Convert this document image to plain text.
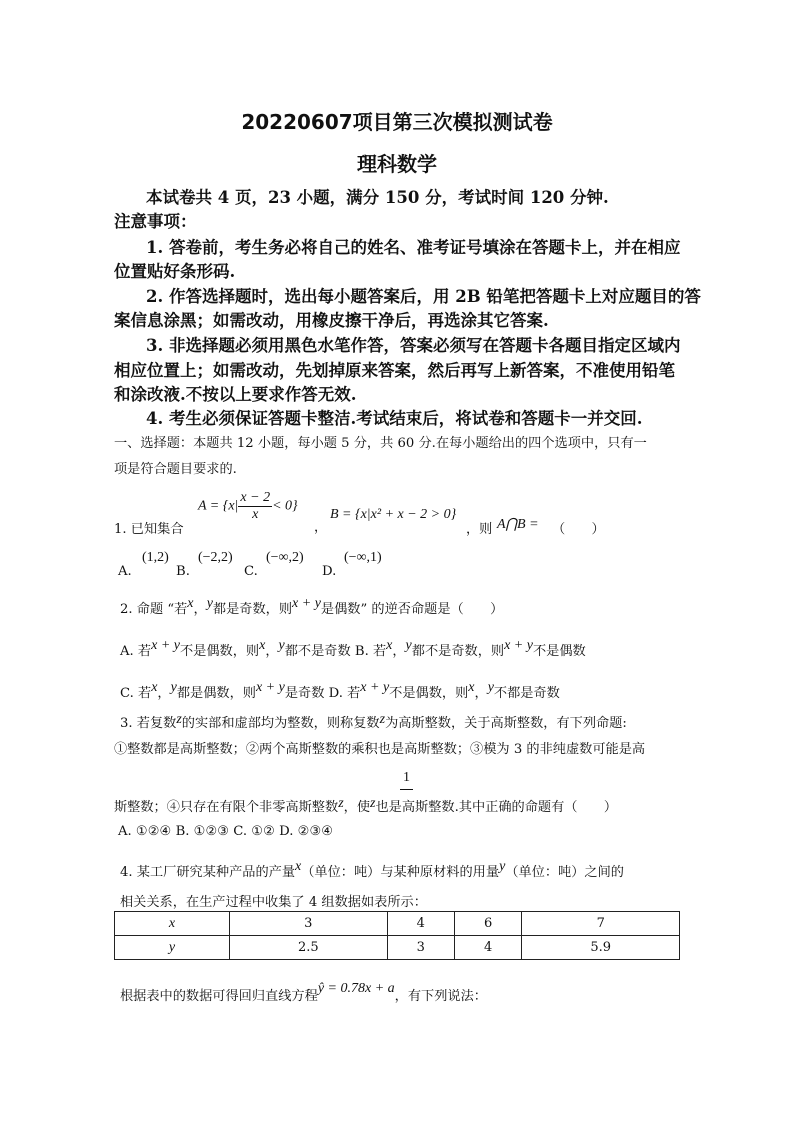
20220607项目第三次模拟测试卷
理科数学
本试卷共 4 页，23 小题，满分 150 分，考试时间 120 分钟.
注意事项：
1. 答卷前，考生务必将自己的姓名、准考证号填涂在答题卡上，并在相应
位置贴好条形码.
2. 作答选择题时，选出每小题答案后，用 2B 铅笔把答题卡上对应题目的答
案信息涂黑；如需改动，用橡皮擦干净后，再选涂其它答案.
3. 非选择题必须用黑色水笔作答，答案必须写在答题卡各题目指定区域内
相应位置上；如需改动，先划掉原来答案，然后再写上新答案，不准使用铅笔
和涂改液.不按以上要求作答无效.
4. 考生必须保证答题卡整洁.考试结束后，将试卷和答题卡一并交回.
一、选择题：本题共 12 小题，每小题 5 分，共 60 分.在每小题给出的四个选项中，只有一
项是符合题目要求的.
1. 已知集合
$A = \{x| \frac{x - 2}{x} < 0\}$
，
B = {x|x² + x − 2 > 0}
，则 A⋂B = （　　）
A.
(1,2)
B.
(−2,2)
C.
(−∞,2)
D.
(−∞,1)
2. 命题 “若x，y都是奇数，则x + y是偶数” 的逆否命题是（　　）
A. 若x + y不是偶数，则x，y都不是奇数 B. 若x，y都不是奇数，则x + y不是偶数
C. 若x，y都是偶数，则x + y是奇数 D. 若x + y不是偶数，则x，y不都是奇数
3. 若复数z的实部和虚部均为整数，则称复数z为高斯整数，关于高斯整数，有下列命题:
①整数都是高斯整数；②两个高斯整数的乘积也是高斯整数；③模为 3 的非纯虚数可能是高
1
斯整数；④只存在有限个非零高斯整数z，使z也是高斯整数.其中正确的命题有（　　）
A. ①②④ B. ①②③ C. ①② D. ②③④
4. 某工厂研究某种产品的产量x（单位：吨）与某种原材料的用量y（单位：吨）之间的
相关关系，在生产过程中收集了 4 组数据如表所示：
x	3	4	6	7
y	2.5	3	4	5.9
根据表中的数据可得回归直线方程ŷ = 0.78x + a，有下列说法：
